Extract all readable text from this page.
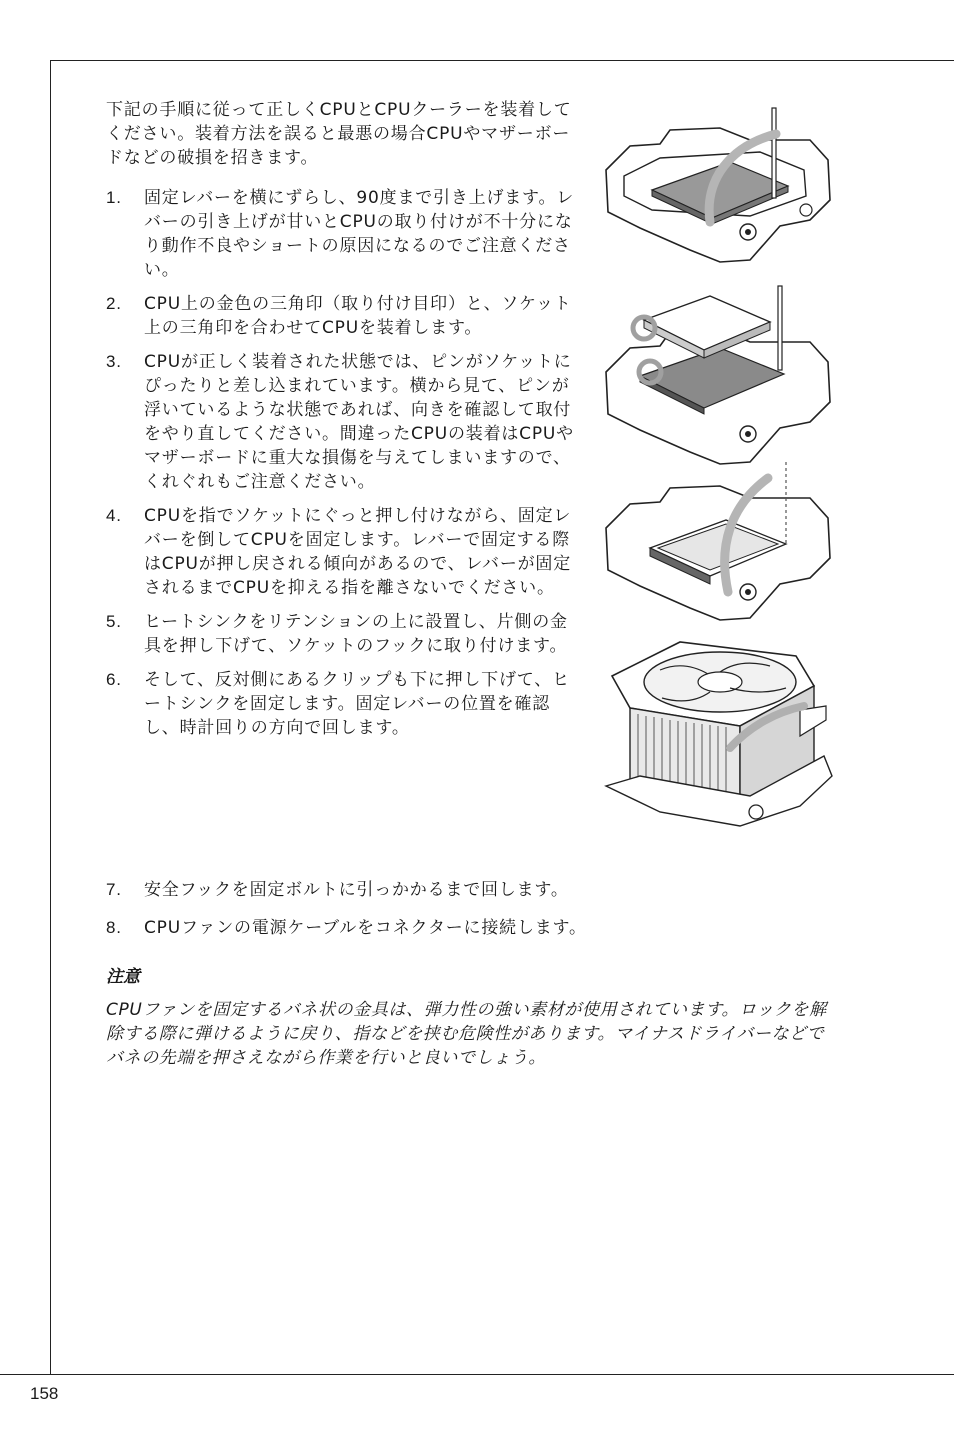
158

下記の手順に従って正しくCPUとCPUクーラーを装着してください。装着方法を誤ると最悪の場合CPUやマザーボードなどの破損を招きます。

1. 固定レバーを横にずらし、90度まで引き上げます。レバーの引き上げが甘いとCPUの取り付けが不十分になり動作不良やショートの原因になるのでご注意ください。
2. CPU上の金色の三角印（取り付け目印）と、ソケット上の三角印を合わせてCPUを装着します。
3. CPUが正しく装着された状態では、ピンがソケットにぴったりと差し込まれています。横から見て、ピンが浮いているような状態であれば、向きを確認して取付をやり直してください。間違ったCPUの装着はCPUやマザーボードに重大な損傷を与えてしまいますので、くれぐれもご注意ください。
4. CPUを指でソケットにぐっと押し付けながら、固定レバーを倒してCPUを固定します。レバーで固定する際はCPUが押し戻される傾向があるので、レバーが固定されるまでCPUを抑える指を離さないでください。
5. ヒートシンクをリテンションの上に設置し、片側の金具を押し下げて、ソケットのフックに取り付けます。
6. そして、反対側にあるクリップも下に押し下げて、ヒートシンクを固定します。固定レバーの位置を確認し、時計回りの方向で回します。
7. 安全フックを固定ボルトに引っかかるまで回します。
8. CPUファンの電源ケーブルをコネクターに接続します。
注意

CPUファンを固定するバネ状の金具は、弾力性の強い素材が使用されています。ロックを解除する際に弾けるように戻り、指などを挟む危険性があります。マイナスドライバーなどでバネの先端を押さえながら作業を行いと良いでしょう。
